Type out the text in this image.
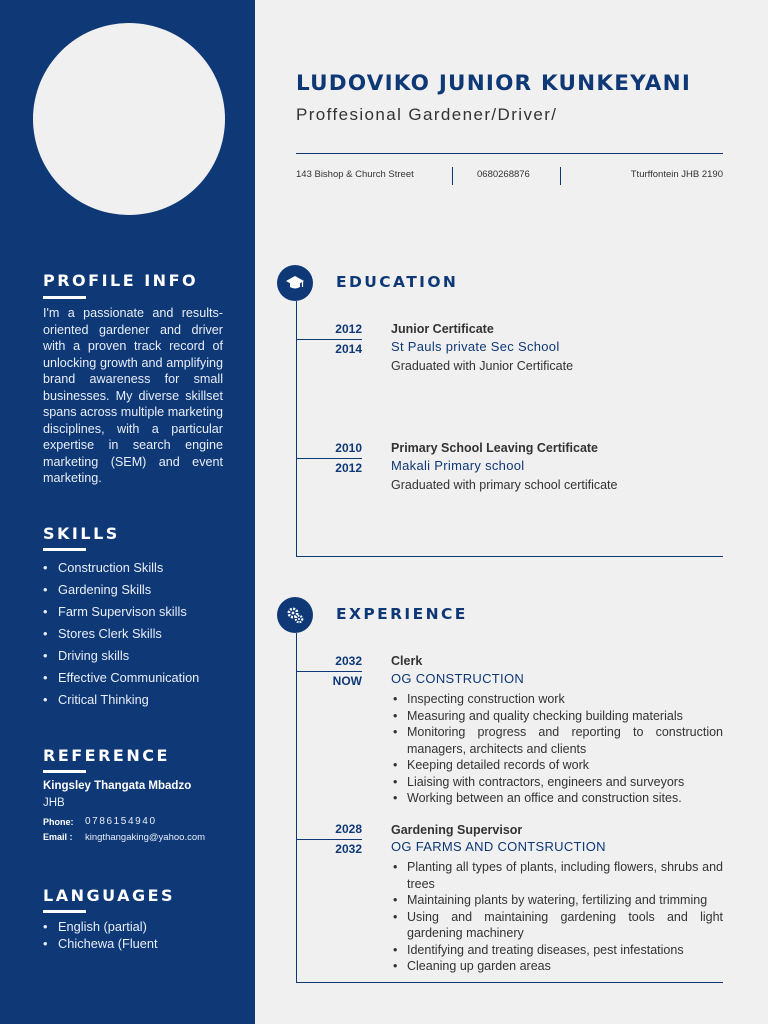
PROFILE INFO
I'm a passionate and results-oriented gardener and driver with a proven track record of unlocking growth and amplifying brand awareness for small businesses. My diverse skillset spans across multiple marketing disciplines, with a particular expertise in search engine marketing (SEM) and event marketing.
SKILLS
• Construction Skills
• Gardening Skills
• Farm Supervison skills
• Stores Clerk Skills
• Driving skills
• Effective Communication
• Critical Thinking
REFERENCE
Kingsley Thangata Mbadzo
JHB
Phone: 0786154940
Email : kingthangaking@yahoo.com
LANGUAGES
• English (partial)
• Chichewa (Fluent
LUDOVIKO JUNIOR KUNKEYANI
Proffesional Gardener/Driver/
143 Bishop & Church Street	0680268876	Tturffontein JHB 2190
EDUCATION
2012
2014
Junior Certificate
St Pauls private Sec School
Graduated with Junior Certificate
2010
2012
Primary School Leaving Certificate
Makali Primary school
Graduated with primary school certificate
EXPERIENCE
2032
NOW
Clerk
OG CONSTRUCTION
• Inspecting construction work
• Measuring and quality checking building materials
• Monitoring progress and reporting to construction managers, architects and clients
• Keeping detailed records of work
• Liaising with contractors, engineers and surveyors
• Working between an office and construction sites.
2028
2032
Gardening Supervisor
OG FARMS AND CONTSRUCTION
• Planting all types of plants, including flowers, shrubs and trees
• Maintaining plants by watering, fertilizing and trimming
• Using and maintaining gardening tools and light gardening machinery
• Identifying and treating diseases, pest infestations
• Cleaning up garden areas
